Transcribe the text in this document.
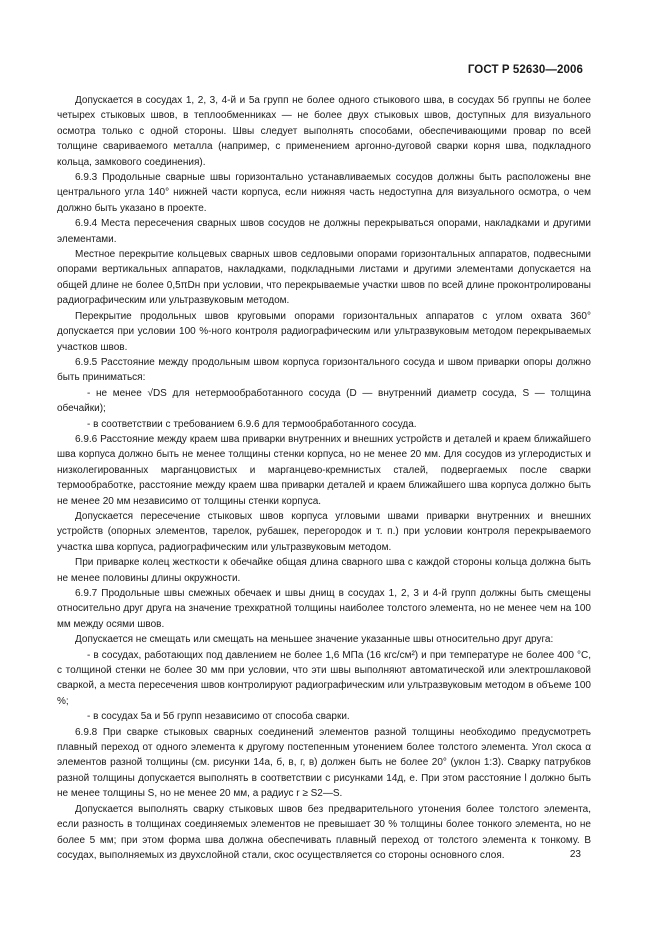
ГОСТ Р 52630—2006

Допускается в сосудах 1, 2, 3, 4-й и 5а групп не более одного стыкового шва, в сосудах 5б группы не более четырех стыковых швов, в теплообменниках — не более двух стыковых швов, доступных для визуального осмотра только с одной стороны. Швы следует выполнять способами, обеспечивающими провар по всей толщине свариваемого металла (например, с применением аргонно-дуговой сварки корня шва, подкладного кольца, замкового соединения).

6.9.3 Продольные сварные швы горизонтально устанавливаемых сосудов должны быть расположены вне центрального угла 140° нижней части корпуса, если нижняя часть недоступна для визуального осмотра, о чем должно быть указано в проекте.

6.9.4 Места пересечения сварных швов сосудов не должны перекрываться опорами, накладками и другими элементами.

Местное перекрытие кольцевых сварных швов седловыми опорами горизонтальных аппаратов, подвесными опорами вертикальных аппаратов, накладками, подкладными листами и другими элементами допускается на общей длине не более 0,5πDн при условии, что перекрываемые участки швов по всей длине проконтролированы радиографическим или ультразвуковым методом.

Перекрытие продольных швов круговыми опорами горизонтальных аппаратов с углом охвата 360° допускается при условии 100 %-ного контроля радиографическим или ультразвуковым методом перекрываемых участков швов.

6.9.5 Расстояние между продольным швом корпуса горизонтального сосуда и швом приварки опоры должно быть приниматься:

- не менее √DS для нетермообработанного сосуда (D — внутренний диаметр сосуда, S — толщина обечайки);

- в соответствии с требованием 6.9.6 для термообработанного сосуда.

6.9.6 Расстояние между краем шва приварки внутренних и внешних устройств и деталей и краем ближайшего шва корпуса должно быть не менее толщины стенки корпуса, но не менее 20 мм. Для сосудов из углеродистых и низколегированных марганцовистых и марганцево-кремнистых сталей, подвергаемых после сварки термообработке, расстояние между краем шва приварки деталей и краем ближайшего шва корпуса должно быть не менее 20 мм независимо от толщины стенки корпуса.

Допускается пересечение стыковых швов корпуса угловыми швами приварки внутренних и внешних устройств (опорных элементов, тарелок, рубашек, перегородок и т. п.) при условии контроля перекрываемого участка шва корпуса, радиографическим или ультразвуковым методом.

При приварке колец жесткости к обечайке общая длина сварного шва с каждой стороны кольца должна быть не менее половины длины окружности.

6.9.7 Продольные швы смежных обечаек и швы днищ в сосудах 1, 2, 3 и 4-й групп должны быть смещены относительно друг друга на значение трехкратной толщины наиболее толстого элемента, но не менее чем на 100 мм между осями швов.

Допускается не смещать или смещать на меньшее значение указанные швы относительно друг друга:

- в сосудах, работающих под давлением не более 1,6 МПа (16 кгс/см²) и при температуре не более 400 °С, с толщиной стенки не более 30 мм при условии, что эти швы выполняют автоматической или электрошлаковой сваркой, а места пересечения швов контролируют радиографическим или ультразвуковым методом в объеме 100 %;

- в сосудах 5а и 5б групп независимо от способа сварки.

6.9.8 При сварке стыковых сварных соединений элементов разной толщины необходимо предусмотреть плавный переход от одного элемента к другому постепенным утонением более толстого элемента. Угол скоса α элементов разной толщины (см. рисунки 14а, б, в, г, в) должен быть не более 20° (уклон 1:3). Сварку патрубков разной толщины допускается выполнять в соответствии с рисунками 14д, е. При этом расстояние l должно быть не менее толщины S, но не менее 20 мм, а радиус r ≥ S2—S.

Допускается выполнять сварку стыковых швов без предварительного утонения более толстого элемента, если разность в толщинах соединяемых элементов не превышает 30 % толщины более тонкого элемента, но не более 5 мм; при этом форма шва должна обеспечивать плавный переход от толстого элемента к тонкому. В сосудах, выполняемых из двухслойной стали, скос осуществляется со стороны основного слоя.	23
